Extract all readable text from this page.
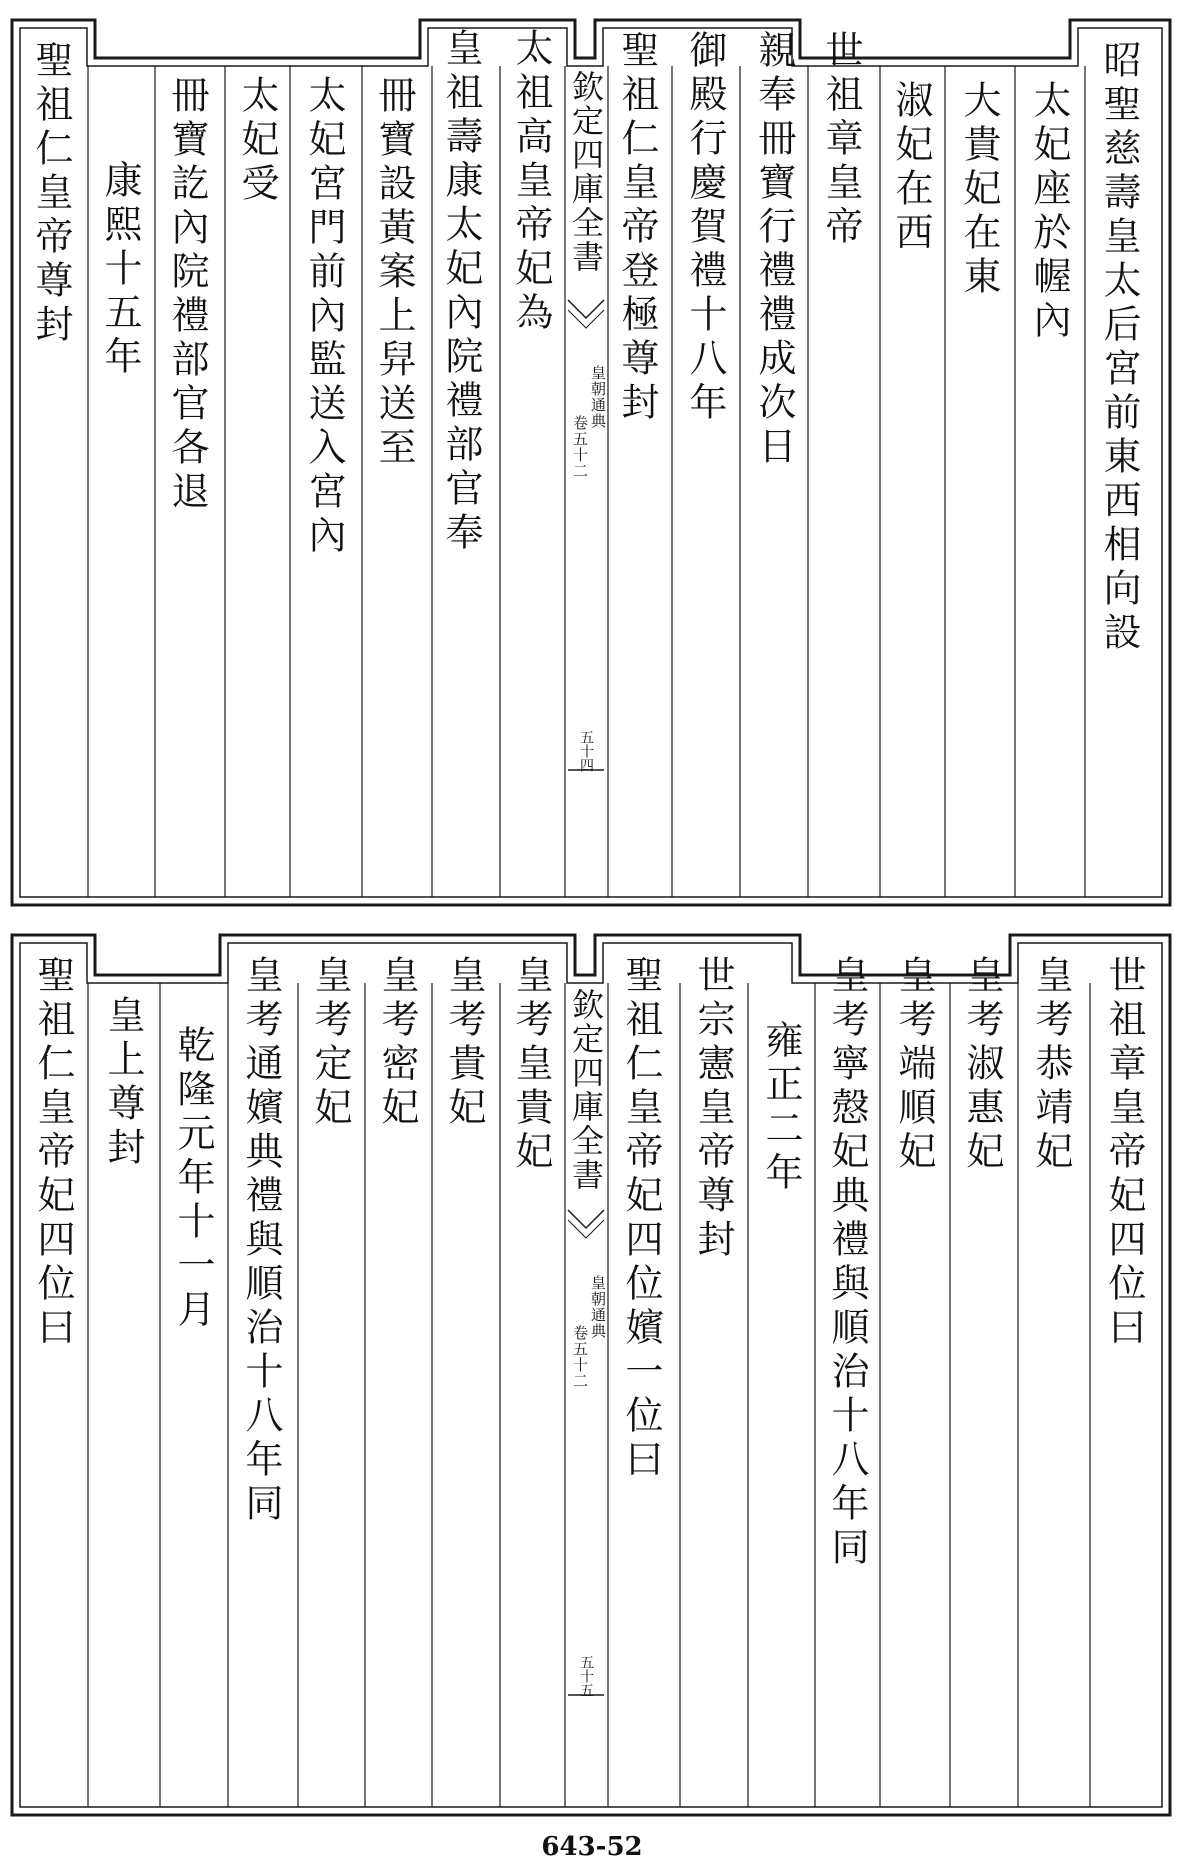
昭聖慈壽皇太后宮前東西相向設
太妃座於幄內
大貴妃在東
淑妃在西
世祖章皇帝
親奉冊寶行禮禮成次日
御殿行慶賀禮十八年
聖祖仁皇帝登極尊封
欽定四庫全書
皇朝通典
卷五十二
五十四
太祖高皇帝妃為
皇祖壽康太妃內院禮部官奉
冊寶設黃案上舁送至
太妃宮門前內監送入宮內
太妃受
冊寶訖內院禮部官各退
康熙十五年
聖祖仁皇帝尊封
世祖章皇帝妃四位曰
皇考恭靖妃
皇考淑惠妃
皇考端順妃
皇考寧慤妃典禮與順治十八年同
雍正二年
世宗憲皇帝尊封
聖祖仁皇帝妃四位嬪一位曰
欽定四庫全書
皇朝通典
卷五十二
五十五
皇考皇貴妃
皇考貴妃
皇考密妃
皇考定妃
皇考通嬪典禮與順治十八年同
乾隆元年十一月
皇上尊封
聖祖仁皇帝妃四位曰
643-52
